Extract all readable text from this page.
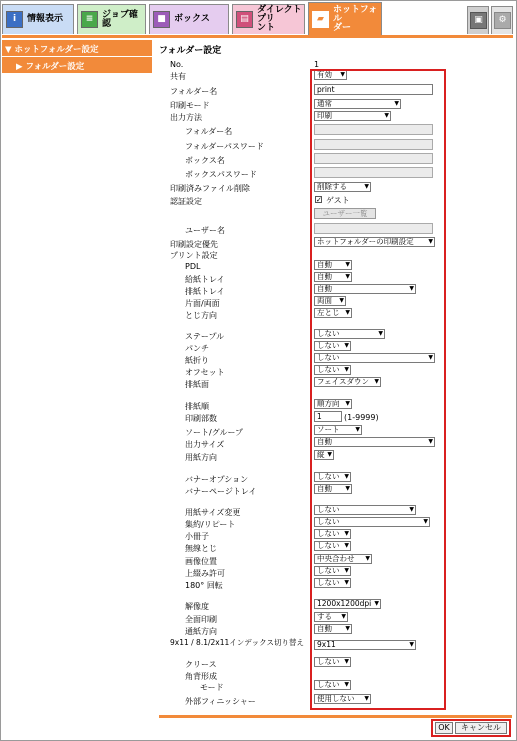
i	情報表示	≡ ジョブ確認	■ ボックス	▤
ダイレクトプリ
ント
▰
ホットフォル
ダー
▣	⚙
▼ ホットフォルダー設定
▶ フォルダー設定
フォルダー設定
No.	1
共有	有効 ▼
フォルダー名	print
印刷モード	通常	▼
出力方法	印刷	▼
フォルダー名
フォルダーパスワード
ボックス名
ボックスパスワード
印刷済みファイル削除	削除する	▼
認証設定	✓ ゲスト
ユーザー一覧
ユーザー名
印刷設定優先	ホットフォルダーの印刷設定 ▼
プリント設定
PDL	自動 ▼
給紙トレイ	自動 ▼
排紙トレイ	自動	▼
片面/両面	両面 ▼
とじ方向	左とじ ▼
ステープル	しない	▼
パンチ	しない ▼
紙折り	しない	▼
オフセット	しない ▼
排紙面	フェイスダウン ▼
排紙順	順方向 ▼
印刷部数	1	(1-9999)
ソート/グループ	ソート	▼
出力サイズ	自動	▼
用紙方向	縦 ▼
バナーオプション	しない ▼
バナーページトレイ	自動 ▼
用紙サイズ変更	しない	▼
集約/リピート	しない	▼
小冊子	しない ▼
無線とじ	しない ▼
画像位置	中央合わせ ▼
上綴み許可	しない ▼
180° 回転	しない ▼
解像度	1200x1200dpi ▼
全面印刷	する ▼
通紙方向	自動 ▼
9x11 / 8.1/2x11インデックス切り替え	9x11	▼
クリース	しない ▼
角背形成
モード	しない ▼
外部フィニッシャー	使用しない ▼
OK	キャンセル
